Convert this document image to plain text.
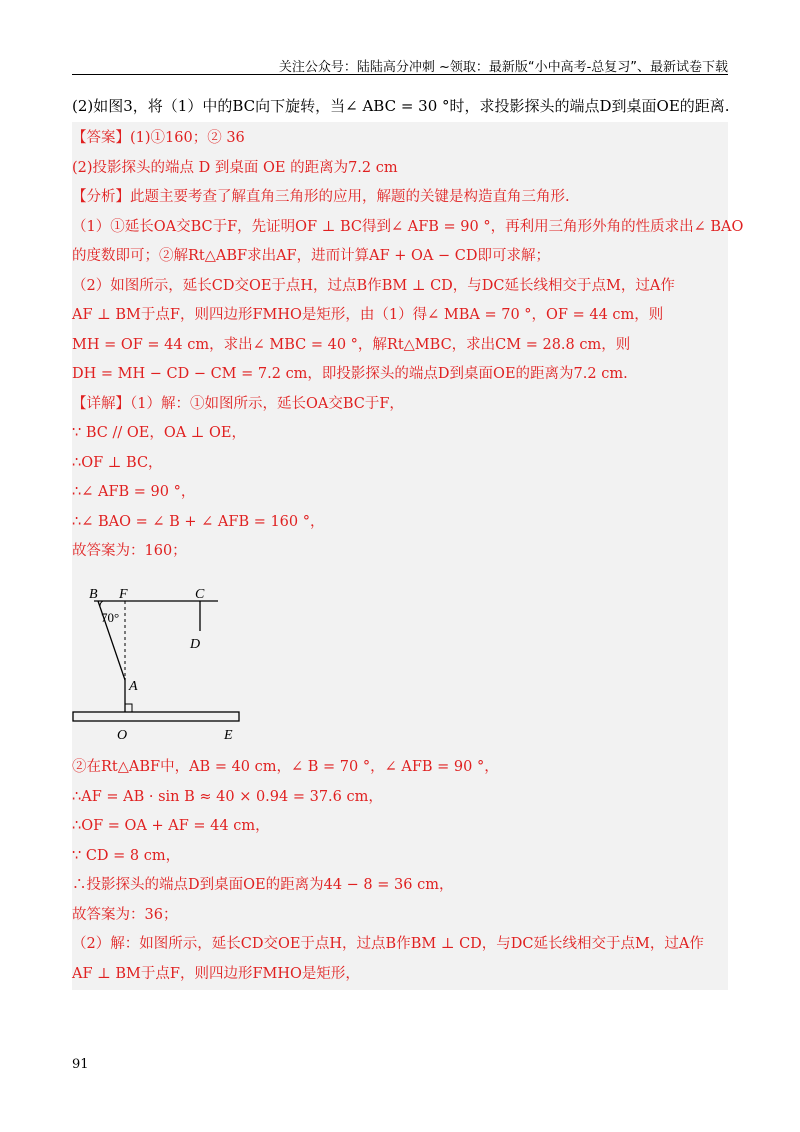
关注公众号：陆陆高分冲刺 ~领取：最新版“小中高考-总复习”、最新试卷下载
(2)如图3，将（1）中的BC向下旋转，当∠ ABC = 30 °时，求投影探头的端点D到桌面OE的距离.
【答案】(1)①160；② 36
(2)投影探头的端点 D 到桌面 OE 的距离为7.2 cm
【分析】此题主要考查了解直角三角形的应用，解题的关键是构造直角三角形.
（1）①延长OA交BC于F，先证明OF ⊥ BC得到∠ AFB = 90 °，再利用三角形外角的性质求出∠ BAO
的度数即可；②解Rt△ABF求出AF，进而计算AF + OA − CD即可求解；
（2）如图所示，延长CD交OE于点H，过点B作BM ⊥ CD，与DC延长线相交于点M，过A作
AF ⊥ BM于点F，则四边形FMHO是矩形，由（1）得∠ MBA = 70 °，OF = 44 cm，则
MH = OF = 44 cm，求出∠ MBC = 40 °，解Rt△MBC，求出CM = 28.8 cm，则
DH = MH − CD − CM = 7.2 cm，即投影探头的端点D到桌面OE的距离为7.2 cm.
【详解】（1）解：①如图所示，延长OA交BC于F，
∵ BC // OE，OA ⊥ OE，
∴OF ⊥ BC，
∴∠ AFB = 90 °，
∴∠ BAO = ∠ B + ∠ AFB = 160 °，
故答案为：160；
B F	C
70°
D
A
O	E
②在Rt△ABF中，AB = 40 cm，∠ B = 70 °，∠ AFB = 90 °，
∴AF = AB · sin B ≈ 40 × 0.94 = 37.6 cm，
∴OF = OA + AF = 44 cm，
∵ CD = 8 cm，
∴投影探头的端点D到桌面OE的距离为44 − 8 = 36 cm，
故答案为：36；
（2）解：如图所示，延长CD交OE于点H，过点B作BM ⊥ CD，与DC延长线相交于点M，过A作
AF ⊥ BM于点F，则四边形FMHO是矩形，
91
